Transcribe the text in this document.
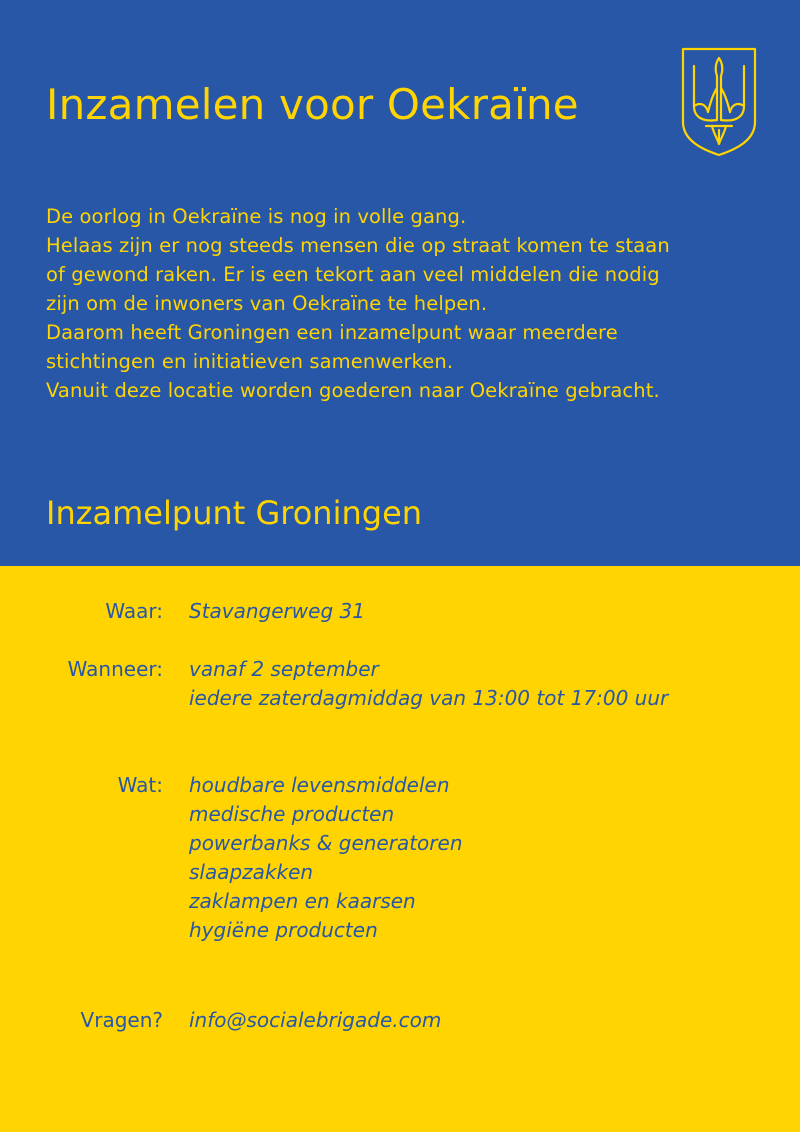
Inzamelen voor Oekraïne
De oorlog in Oekraïne is nog in volle gang.
Helaas zijn er nog steeds mensen die op straat komen te staan
of gewond raken. Er is een tekort aan veel middelen die nodig
zijn om de inwoners van Oekraïne te helpen.
Daarom heeft Groningen een inzamelpunt waar meerdere
stichtingen en initiatieven samenwerken.
Vanuit deze locatie worden goederen naar Oekraïne gebracht.
Inzamelpunt Groningen
Waar: Stavangerweg 31
Wanneer: vanaf 2 september
iedere zaterdagmiddag van 13:00 tot 17:00 uur
Wat: houdbare levensmiddelen
medische producten
powerbanks & generatoren
slaapzakken
zaklampen en kaarsen
hygiëne producten
Vragen? info@socialebrigade.com
